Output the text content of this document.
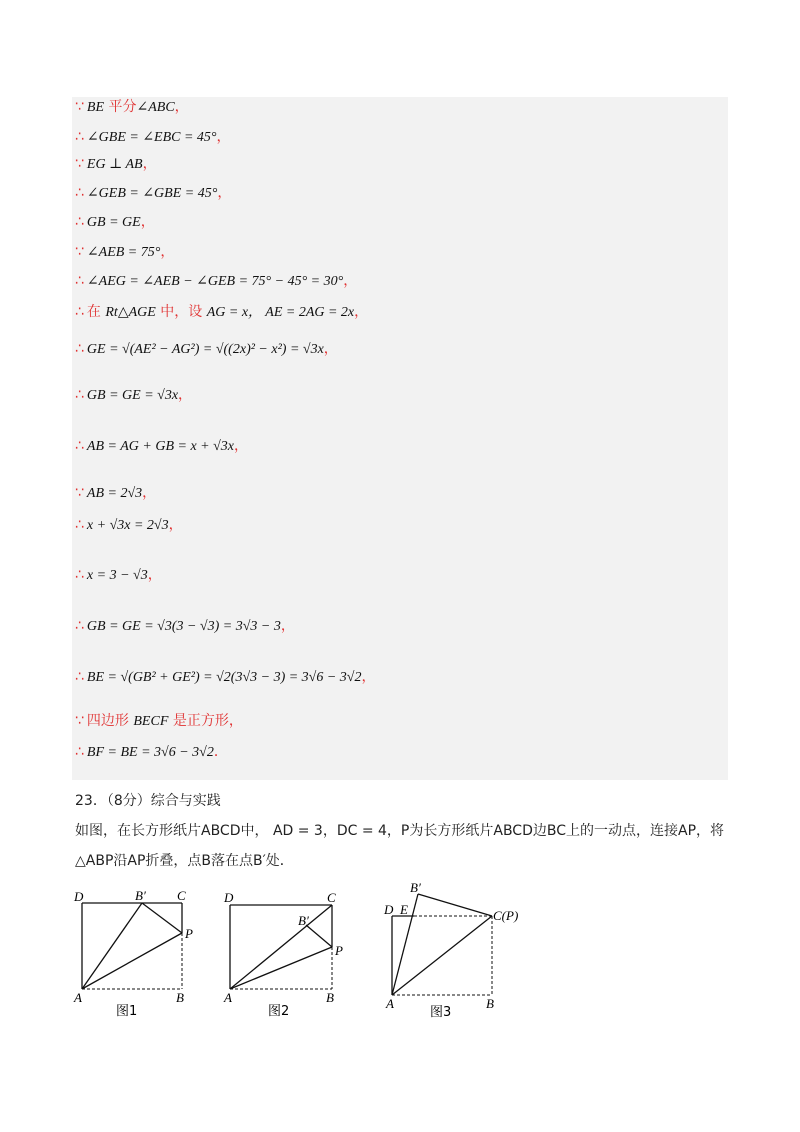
∵ BE 平分∠ABC，
∴ ∠GBE = ∠EBC = 45°，
∵ EG ⊥ AB，
∴ ∠GEB = ∠GBE = 45°，
∴ GB = GE，
∵ ∠AEB = 75°，
∴ ∠AEG = ∠AEB − ∠GEB = 75° − 45° = 30°，
∴ 在 Rt△AGE 中，设 AG = x， AE = 2AG = 2x，
∴ GE = √(AE² − AG²) = √((2x)² − x²) = √3x，
∴ GB = GE = √3x，
∴ AB = AG + GB = x + √3x，
∵ AB = 2√3，
∴ x + √3x = 2√3，
∴ x = 3 − √3，
∴ GB = GE = √3(3 − √3) = 3√3 − 3，
∴ BE = √(GB² + GE²) = √2(3√3 − 3) = 3√6 − 3√2，
∵ 四边形 BECF 是正方形，
∴ BF = BE = 3√6 − 3√2．
23．（8分）综合与实践
如图，在长方形纸片ABCD中， AD = 3，DC = 4，P为长方形纸片ABCD边BC上的一动点，连接AP，将
△ABP沿AP折叠，点B落在点B′处．
D	B′ C
P
A	B
图1
D	C
B′
P
A	B
图2
B′
D E	C(P)
A	B
图3
